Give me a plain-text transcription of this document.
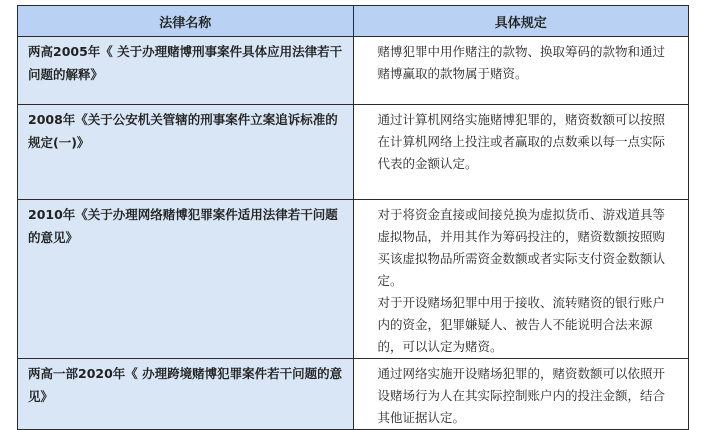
法律名称	具体规定
两高2005年《 关于办理赌博刑事案件具体应用法律若干问题的解释》	赌博犯罪中用作赌注的款物、换取筹码的款物和通过赌博赢取的款物属于赌资。

2008年《关于公安机关管辖的刑事案件立案追诉标准的规定(一)》	通过计算机网络实施赌博犯罪的，赌资数额可以按照在计算机网络上投注或者赢取的点数乘以每一点实际代表的金额认定。

2010年《关于办理网络赌博犯罪案件适用法律若干问题的意见》	对于将资金直接或间接兑换为虚拟货币、游戏道具等虚拟物品，并用其作为筹码投注的，赌资数额按照购买该虚拟物品所需资金数额或者实际支付资金数额认定。
对于开设赌场犯罪中用于接收、流转赌资的银行账户内的资金，犯罪嫌疑人、被告人不能说明合法来源的，可以认定为赌资。

两高一部2020年《 办理跨境赌博犯罪案件若干问题的意见》	通过网络实施开设赌场犯罪的，赌资数额可以依照开设赌场行为人在其实际控制账户内的投注金额，结合其他证据认定。
